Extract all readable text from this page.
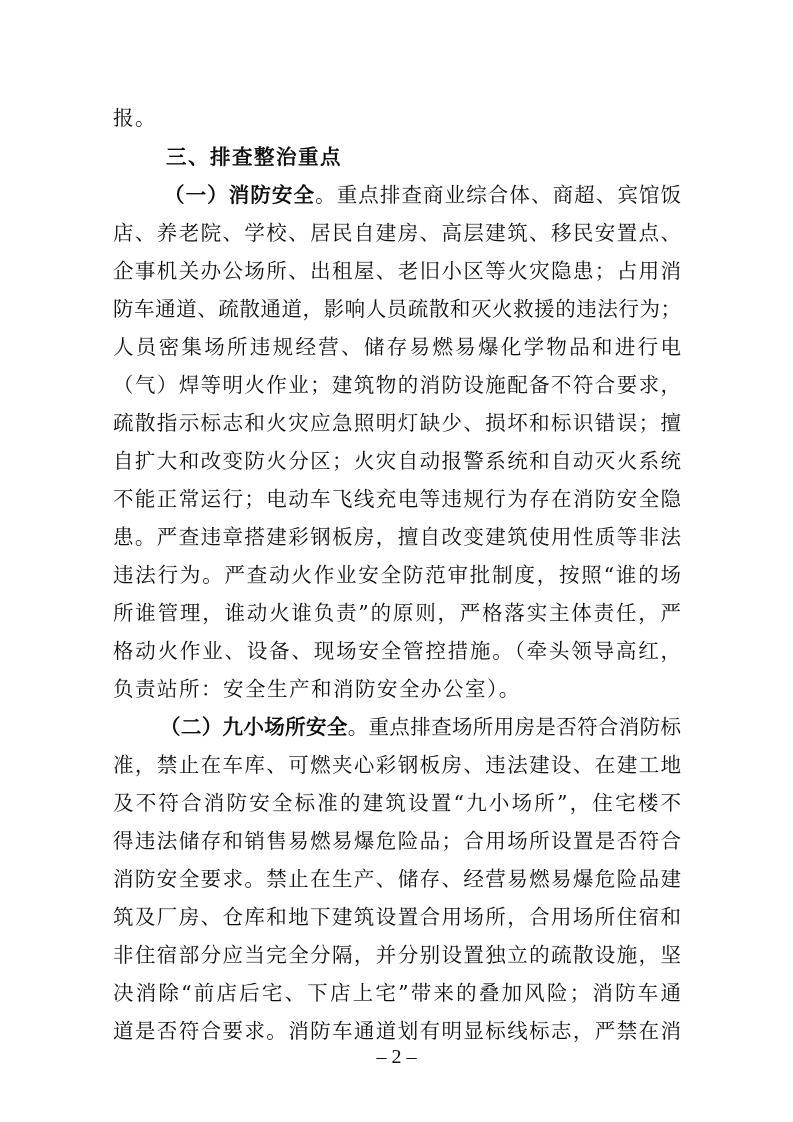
报。
三、排查整治重点
（一）消防安全。重点排查商业综合体、商超、宾馆饭
店、养老院、学校、居民自建房、高层建筑、移民安置点、
企事机关办公场所、出租屋、老旧小区等火灾隐患；占用消
防车通道、疏散通道，影响人员疏散和灭火救援的违法行为；
人员密集场所违规经营、储存易燃易爆化学物品和进行电
（气）焊等明火作业；建筑物的消防设施配备不符合要求，
疏散指示标志和火灾应急照明灯缺少、损坏和标识错误；擅
自扩大和改变防火分区；火灾自动报警系统和自动灭火系统
不能正常运行；电动车飞线充电等违规行为存在消防安全隐
患。严查违章搭建彩钢板房，擅自改变建筑使用性质等非法
违法行为。严查动火作业安全防范审批制度，按照“谁的场
所谁管理，谁动火谁负责”的原则，严格落实主体责任，严
格动火作业、设备、现场安全管控措施。（牵头领导高红，
负责站所：安全生产和消防安全办公室）。
（二）九小场所安全。重点排查场所用房是否符合消防标
准，禁止在车库、可燃夹心彩钢板房、违法建设、在建工地
及不符合消防安全标准的建筑设置“九小场所”，住宅楼不
得违法储存和销售易燃易爆危险品；合用场所设置是否符合
消防安全要求。禁止在生产、储存、经营易燃易爆危险品建
筑及厂房、仓库和地下建筑设置合用场所，合用场所住宿和
非住宿部分应当完全分隔，并分别设置独立的疏散设施，坚
决消除“前店后宅、下店上宅”带来的叠加风险；消防车通
道是否符合要求。消防车通道划有明显标线标志，严禁在消
– 2 –
